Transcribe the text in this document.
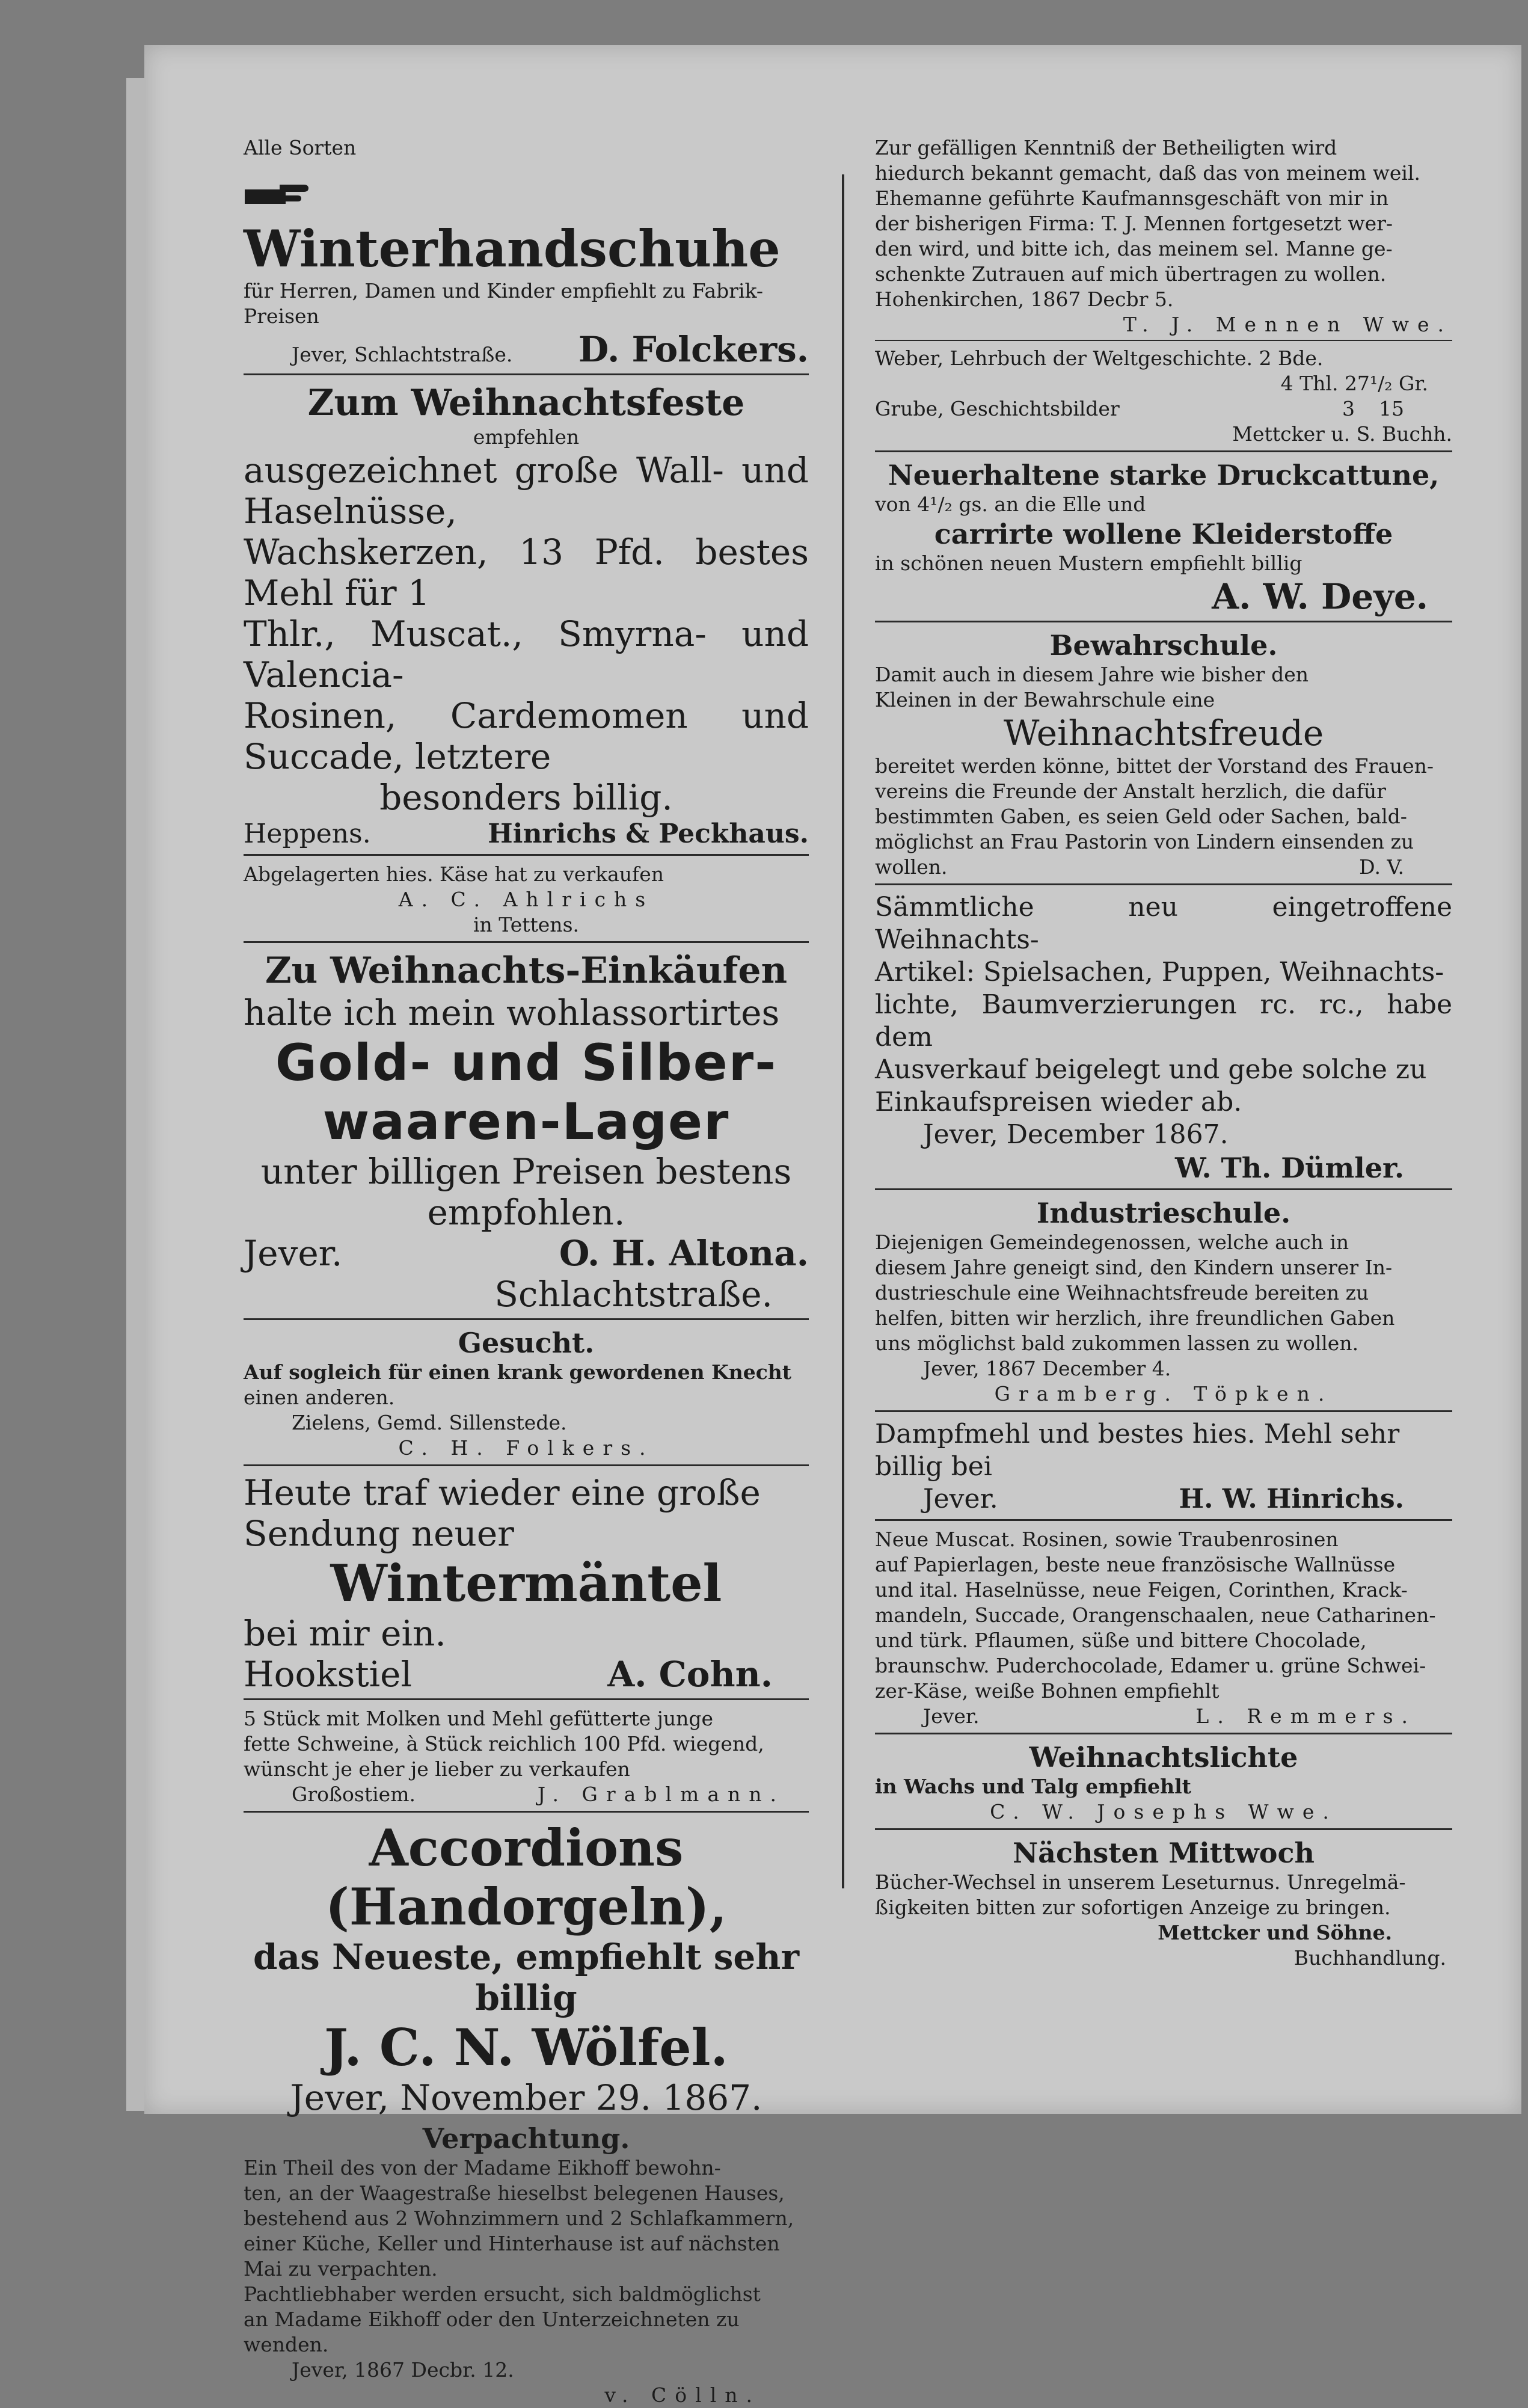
Alle Sorten
Winterhandschuhe
für Herren, Damen und Kinder empfiehlt zu Fabrik-
Preisen
Jever, Schlachtstraße. D. Folckers.
Zum Weihnachtsfeste
empfehlen
ausgezeichnet große Wall- und Haselnüsse,
Wachskerzen, 13 Pfd. bestes Mehl für 1
Thlr., Muscat., Smyrna- und Valencia-
Rosinen, Cardemomen und Succade, letztere
besonders billig.
Heppens.	Hinrichs & Peckhaus.
Abgelagerten hies. Käse hat zu verkaufen
A. C. Ahlrichs
in Tettens.
Zu Weihnachts-Einkäufen
halte ich mein wohlassortirtes
Gold- und Silber-
waaren-Lager
unter billigen Preisen bestens empfohlen.
Jever.	O. H. Altona.
Schlachtstraße.
Gesucht.
Auf sogleich für einen krank gewordenen Knecht
einen anderen.
Zielens, Gemd. Sillenstede.
C. H. Folkers.
Heute traf wieder eine große
Sendung neuer
Wintermäntel
bei mir ein.
Hookstiel	A. Cohn.
5 Stück mit Molken und Mehl gefütterte junge
fette Schweine, à Stück reichlich 100 Pfd. wiegend,
wünscht je eher je lieber zu verkaufen
Großostiem.	J. Grablmann.
Accordions
(Handorgeln),
das Neueste, empfiehlt sehr billig
J. C. N. Wölfel.
Jever, November 29. 1867.
Verpachtung.
Ein Theil des von der Madame Eikhoff bewohn-
ten, an der Waagestraße hieselbst belegenen Hauses,
bestehend aus 2 Wohnzimmern und 2 Schlafkammern,
einer Küche, Keller und Hinterhause ist auf nächsten
Mai zu verpachten.
Pachtliebhaber werden ersucht, sich baldmöglichst
an Madame Eikhoff oder den Unterzeichneten zu
wenden.
Jever, 1867 Decbr. 12.
v. Cölln.
Zur gefälligen Kenntniß der Betheiligten wird
hiedurch bekannt gemacht, daß das von meinem weil.
Ehemanne geführte Kaufmannsgeschäft von mir in
der bisherigen Firma: T. J. Mennen fortgesetzt wer-
den wird, und bitte ich, das meinem sel. Manne ge-
schenkte Zutrauen auf mich übertragen zu wollen.
Hohenkirchen, 1867 Decbr 5.
T. J. Mennen Wwe.
Weber, Lehrbuch der Weltgeschichte. 2 Bde.
4 Thl. 27¹/₂ Gr.
Grube, Geschichtsbilder	3 15
Mettcker u. S. Buchh.
Neuerhaltene starke Druckcattune,
von 4¹/₂ gs. an die Elle und
carrirte wollene Kleiderstoffe
in schönen neuen Mustern empfiehlt billig
A. W. Deye.
Bewahrschule.
Damit auch in diesem Jahre wie bisher den
Kleinen in der Bewahrschule eine
Weihnachtsfreude
bereitet werden könne, bittet der Vorstand des Frauen-
vereins die Freunde der Anstalt herzlich, die dafür
bestimmten Gaben, es seien Geld oder Sachen, bald-
möglichst an Frau Pastorin von Lindern einsenden zu
wollen.	D. V.
Sämmtliche neu eingetroffene Weihnachts-
Artikel: Spielsachen, Puppen, Weihnachts-
lichte, Baumverzierungen rc. rc., habe dem
Ausverkauf beigelegt und gebe solche zu
Einkaufspreisen wieder ab.
Jever, December 1867.
W. Th. Dümler.
Industrieschule.
Diejenigen Gemeindegenossen, welche auch in
diesem Jahre geneigt sind, den Kindern unserer In-
dustrieschule eine Weihnachtsfreude bereiten zu
helfen, bitten wir herzlich, ihre freundlichen Gaben
uns möglichst bald zukommen lassen zu wollen.
Jever, 1867 December 4.
Gramberg. Töpken.
Dampfmehl und bestes hies. Mehl sehr
billig bei
Jever.	H. W. Hinrichs.
Neue Muscat. Rosinen, sowie Traubenrosinen
auf Papierlagen, beste neue französische Wallnüsse
und ital. Haselnüsse, neue Feigen, Corinthen, Krack-
mandeln, Succade, Orangenschaalen, neue Catharinen-
und türk. Pflaumen, süße und bittere Chocolade,
braunschw. Puderchocolade, Edamer u. grüne Schwei-
zer-Käse, weiße Bohnen empfiehlt
Jever.	L. Remmers.
Weihnachtslichte
in Wachs und Talg empfiehlt
C. W. Josephs Wwe.
Nächsten Mittwoch
Bücher-Wechsel in unserem Leseturnus. Unregelmä-
ßigkeiten bitten zur sofortigen Anzeige zu bringen.
Mettcker und Söhne.
Buchhandlung.
